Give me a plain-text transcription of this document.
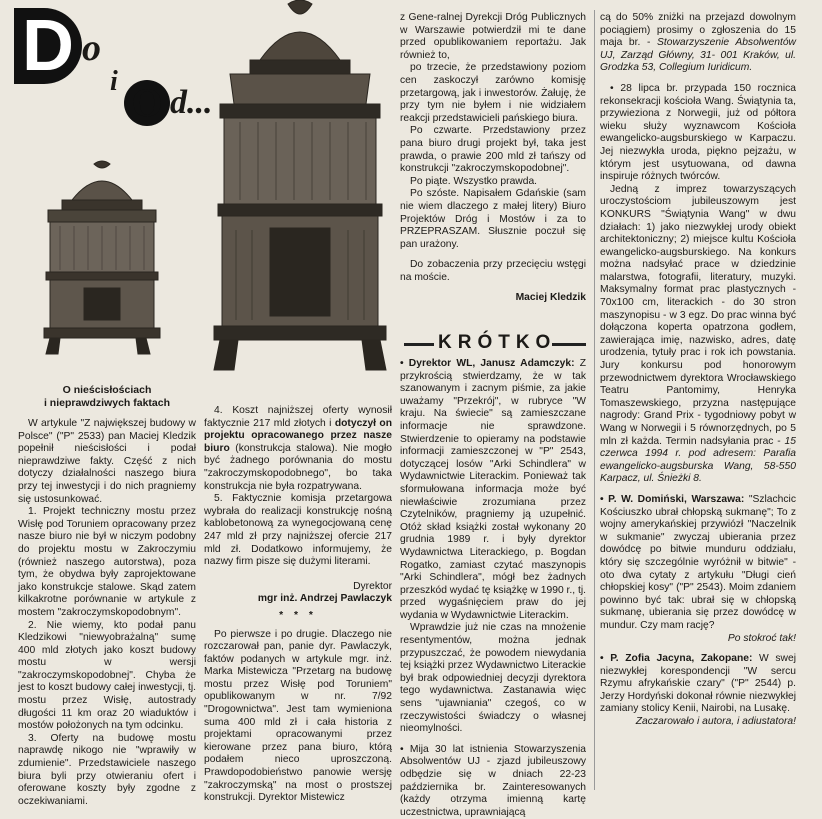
D o
i O d...
O nieścisłościach
i nieprawdziwych faktach

W artykule "Z największej budowy w Polsce" ("P" 2533) pan Maciej Kledzik popełnił nieścisłości i podał nieprawdziwe fakty. Część z nich dotyczy działalności naszego biura przy tej inwestycji i do nich pragniemy się ustosunkować.

1. Projekt techniczny mostu przez Wisłę pod Toruniem opracowany przez nasze biuro nie był w niczym podobny do projektu mostu w Zakroczymiu (również naszego autorstwa), poza tym, że obydwa były zaprojektowane jako konstrukcje stalowe. Skąd zatem kilkakrotne porównanie w artykule z mostem "zakroczymskopodobnym".

2. Nie wiemy, kto podał panu Kledzikowi "niewyobrażalną" sumę 400 mld złotych jako koszt budowy mostu w wersji "zakroczymskopodobnej". Chyba że jest to koszt budowy całej inwestycji, tj. mostu przez Wisłę, autostrady długości 11 km oraz 20 wiaduktów i mostów położonych na tym odcinku.

3. Oferty na budowę mostu naprawdę nikogo nie "wprawiły w zdumienie". Przedstawiciele naszego biura byli przy otwieraniu ofert i oferowane koszty były zgodne z oczekiwaniami.

4. Koszt najniższej oferty wynosił faktycznie 217 mld złotych i dotyczył on projektu opracowanego przez nasze biuro (konstrukcja stalowa). Nie mogło być żadnego porównania do mostu "zakroczymskopodobnego", bo taka konstrukcja nie była rozpatrywana.

5. Faktycznie komisja przetargowa wybrała do realizacji konstrukcję nośną kablobetonową za wynegocjowaną cenę 247 mld zł przy najniższej ofercie 217 mld zł. Dodatkowo informujemy, że nazwy firm pisze się dużymi literami.

Dyrektor
mgr inż. Andrzej Pawlaczyk
* * *

Po pierwsze i po drugie. Dlaczego nie rozczarował pan, panie dyr. Pawlaczyk, faktów podanych w artykule mgr. inż. Marka Mistewicza "Przetarg na budowę mostu przez Wisłę pod Toruniem" opublikowanym w nr. 7/92 "Drogownictwa". Jest tam wymieniona suma 400 mld zł i cała historia z projektami opracowanymi przez kierowane przez pana biuro, którą podałem nieco uproszczoną. Prawdopodobieństwo panowie wersję "zakroczymską" na most o prostszej konstrukcji. Dyrektor Mistewicz

z Gene-ralnej Dyrekcji Dróg Publicznych w Warszawie potwierdził mi te dane przed opublikowaniem reportażu. Jak również to,

po trzecie, że przedstawiony poziom cen zaskoczył zarówno komisję przetargową, jak i inwestorów. Żałuję, że przy tym nie byłem i nie widziałem reakcji przedstawicieli pańskiego biura.

Po czwarte. Przedstawiony przez pana biuro drugi projekt był, taka jest prawda, o prawie 200 mld zł tańszy od konstrukcji "zakroczymskopodobnej".

Po piąte. Wszystko prawda.

Po szóste. Napisałem Gdańskie (sam nie wiem dlaczego z małej litery) Biuro Projektów Dróg i Mostów i za to PRZEPRASZAM. Słusznie poczuł się pan urażony.

Do zobaczenia przy przecięciu wstęgi na moście.

Maciej Kledzik
KRÓTKO

• Dyrektor WL, Janusz Adamczyk: Z przykrością stwierdzamy, że w tak szanowanym i zacnym piśmie, za jakie uważamy "Przekrój", w rubryce "W kraju. Na świecie" są zamieszczane informacje nie sprawdzone. Stwierdzenie to opieramy na podstawie informacji zamieszczonej w "P" 2543, dotyczącej losów "Arki Schindlera" w Wydawnictwie Literackim. Ponieważ tak sformułowana informacja może być niewłaściwie zrozumiana przez Czytelników, pragniemy ją uzupełnić. Otóż skład książki został wykonany 20 grudnia 1989 r. i były dyrektor Wydawnictwa Literackiego, p. Bogdan Rogatko, zamiast czytać maszynopis "Arki Schindlera", mógł bez żadnych przeszkód wydać tę książkę w 1990 r., tj. przed wygaśnięciem praw do jej wydania w Wydawnictwie Literackim.

Wprawdzie już nie czas na mnożenie resentymentów, można jednak przypuszczać, że powodem niewydania tej książki przez Wydawnictwo Literackie był brak odpowiedniej decyzji dyrektora tego wydawnictwa. Zastanawia więc sens "ujawniania" czegoś, co w rzeczywistości świadczy o własnej nieomylności.

• Mija 30 lat istnienia Stowarzyszenia Absolwentów UJ - zjazd jubileuszowy odbędzie się w dniach 22-23 października br. Zainteresowanych (każdy otrzyma imienną kartę uczestnictwa, uprawniającą

cą do 50% zniżki na przejazd dowolnym pociągiem) prosimy o zgłoszenia do 15 maja br. - Stowarzyszenie Absolwentów UJ, Zarząd Główny, 31- 001 Kraków, ul. Grodzka 53, Collegium Iuridicum.

• 28 lipca br. przypada 150 rocznica rekonsekracji kościoła Wang. Świątynia ta, przywieziona z Norwegii, już od półtora wieku służy wyznawcom Kościoła ewangelicko-augsburskiego w Karpaczu. Jej niezwykła uroda, piękno pejzażu, w którym jest usytuowana, od dawna inspiruje różnych twórców.

Jedną z imprez towarzyszących uroczystościom jubileuszowym jest KONKURS "Świątynia Wang" w dwu działach: 1) jako niezwykłej urody obiekt architektoniczny; 2) miejsce kultu Kościoła ewangelicko-augsburskiego. Na konkurs można nadsyłać prace w dziedzinie malarstwa, fotografii, literatury, muzyki. Maksymalny format prac plastycznych - 70x100 cm, literackich - do 30 stron maszynopisu - w 3 egz. Do prac winna być dołączona koperta opatrzona godłem, zawierająca imię, nazwisko, adres, datę urodzenia, tytuły prac i rok ich powstania. Jury konkursu pod honorowym przewodnictwem dyrektora Wrocławskiego Teatru Pantomimy, Henryka Tomaszewskiego, przyzna następujące nagrody: Grand Prix - tygodniowy pobyt w Wang w Norwegii i 5 równorzędnych, po 5 mln zł każda. Termin nadsyłania prac - 15 czerwca 1994 r. pod adresem: Parafia ewangelicko-augsburska Wang, 58-550 Karpacz, ul. Śnieżki 8.

• P. W. Domiński, Warszawa: "Szlachcic Kościuszko ubrał chłopską sukmanę"; To z wojny amerykańskiej przywiózł "Naczelnik w sukmanie" zwyczaj ubierania przez dowódcę po bitwie munduru oddziału, który się szczególnie wyróżnił w bitwie" - oto dwa cytaty z artykułu "Długi cień chłopskiej kosy" ("P" 2543). Moim zdaniem powinno być tak: ubrał się w chłopską sukmanę, ubierania się przez dowódcę w mundur. Czy mam rację?

Po stokroć tak!

• P. Zofia Jacyna, Zakopane: W swej niezwykłej korespondencji "W sercu Rzymu afrykańskie czary" ("P" 2544) p. Jerzy Hordyński dokonał równie niezwykłej zamiany stolicy Kenii, Nairobi, na Lusakę.

Zaczarowało i autora, i adiustatora!
